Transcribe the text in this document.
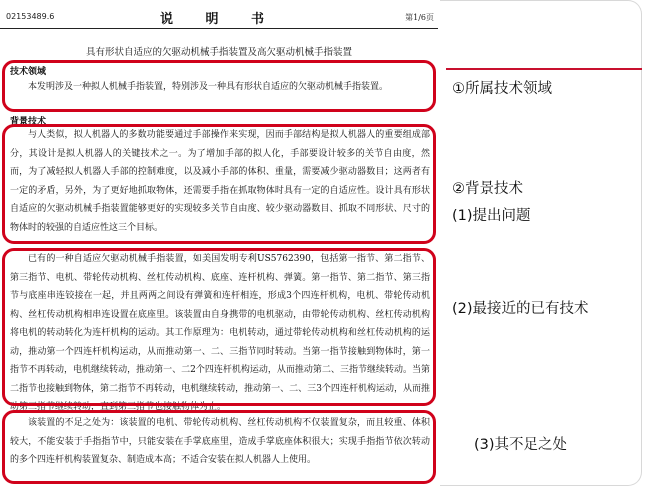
02153489.6	说 明 书	第1/6页
具有形状自适应的欠驱动机械手指装置及高欠驱动机械手指装置
技术领域

本发明涉及一种拟人机械手指装置，特别涉及一种具有形状自适应的欠驱动机械手指装置。

背景技术

与人类似，拟人机器人的多数功能要通过手部操作来实现，因而手部结构是拟人机器人的重要组成部分，其设计是拟人机器人的关键技术之一。为了增加手部的拟人化，手部要设计较多的关节自由度，然而，为了减轻拟人机器人手部的控制难度，以及减小手部的体积、重量，需要减少驱动器数目；这两者有一定的矛盾，另外，为了更好地抓取物体，还需要手指在抓取物体时具有一定的自适应性。设计具有形状自适应的欠驱动机械手指装置能够更好的实现较多关节自由度、较少驱动器数目、抓取不同形状、尺寸的物体时的较强的自适应性这三个目标。

已有的一种自适应欠驱动机械手指装置，如美国发明专利US5762390，包括第一指节、第二指节、第三指节、电机、带轮传动机构、丝杠传动机构、底座、连杆机构、弹簧。第一指节、第二指节、第三指节与底座串连铰接在一起，并且两两之间设有弹簧和连杆相连，形成3个四连杆机构，电机、带轮传动机构、丝杠传动机构相串连设置在底座里。该装置由自身携带的电机驱动，由带轮传动机构、丝杠传动机构将电机的转动转化为连杆机构的运动。其工作原理为：电机转动，通过带轮传动机构和丝杠传动机构的运动，推动第一个四连杆机构运动，从而推动第一、二、三指节同时转动。当第一指节接触到物体时，第一指节不再转动，电机继续转动，推动第一、二2个四连杆机构运动，从而推动第二、三指节继续转动。当第二指节也接触到物体，第二指节不再转动，电机继续转动，推动第一、二、三3个四连杆机构运动，从而推动第三指节继续转动，直到第三指节也接触物体为止。

该装置的不足之处为：该装置的电机、带轮传动机构、丝杠传动机构不仅装置复杂，而且较重、体积较大，不能安装于手指指节中，只能安装在手掌底座里，造成手掌底座体积很大；实现手指指节依次转动的多个四连杆机构装置复杂、制造成本高；不适合安装在拟人机器人上使用。

①所属技术领域
②背景技术
(1)提出问题
(2)最接近的已有技术
(3)其不足之处
